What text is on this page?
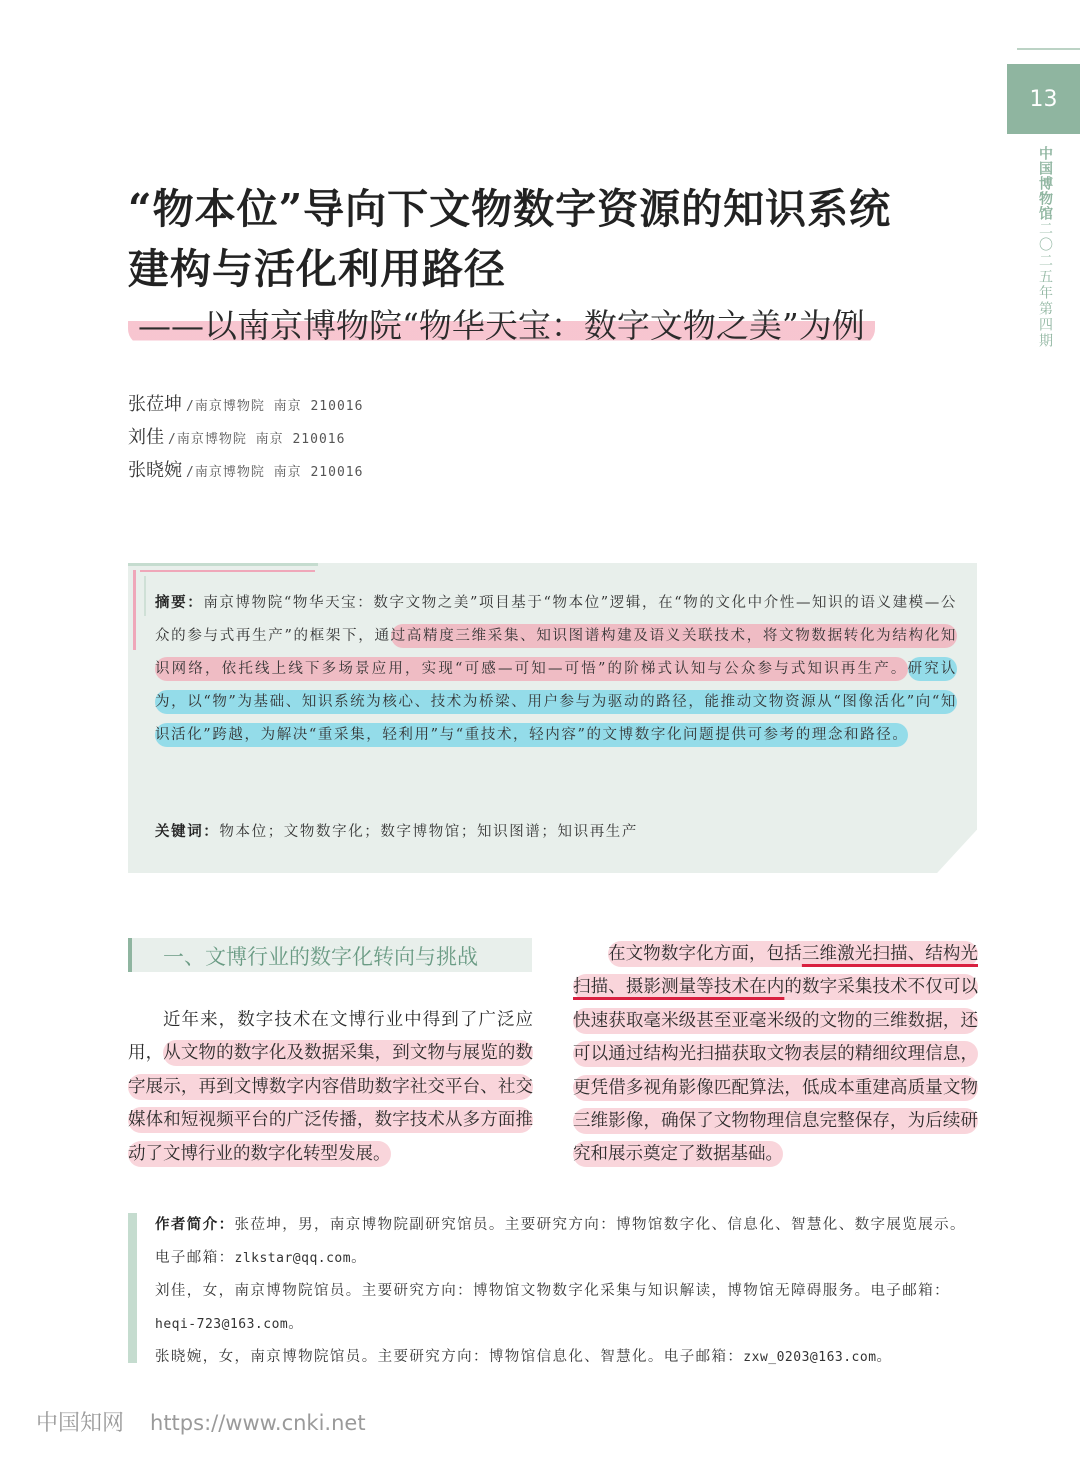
13
中国博物馆二〇二五年第四期
“物本位”导向下文物数字资源的知识系统
建构与活化利用路径
——以南京博物院“物华天宝：数字文物之美”为例
张莅坤 /南京博物院 南京 210016
刘佳 /南京博物院 南京 210016
张晓婉 /南京博物院 南京 210016
摘要：南京博物院“物华天宝：数字文物之美”项目基于“物本位”逻辑，在“物的文化中介性—知识的语义建模—公众的参与式再生产”的框架下，通过高精度三维采集、知识图谱构建及语义关联技术，将文物数据转化为结构化知识网络，依托线上线下多场景应用，实现“可感—可知—可悟”的阶梯式认知与公众参与式知识再生产。研究认为，以“物”为基础、知识系统为核心、技术为桥梁、用户参与为驱动的路径，能推动文物资源从“图像活化”向“知识活化”跨越，为解决“重采集，轻利用”与“重技术，轻内容”的文博数字化问题提供可参考的理念和路径。
关键词：物本位；文物数字化；数字博物馆；知识图谱；知识再生产
一、文博行业的数字化转向与挑战
近年来，数字技术在文博行业中得到了广泛应用，从文物的数字化及数据采集，到文物与展览的数字展示，再到文博数字内容借助数字社交平台、社交媒体和短视频平台的广泛传播，数字技术从多方面推动了文博行业的数字化转型发展。
在文物数字化方面，包括三维激光扫描、结构光扫描、摄影测量等技术在内的数字采集技术不仅可以快速获取毫米级甚至亚毫米级的文物的三维数据，还可以通过结构光扫描获取文物表层的精细纹理信息，更凭借多视角影像匹配算法，低成本重建高质量文物三维影像，确保了文物物理信息完整保存，为后续研究和展示奠定了数据基础。
作者简介：张莅坤，男，南京博物院副研究馆员。主要研究方向：博物馆数字化、信息化、智慧化、数字展览展示。电子邮箱：zlkstar@qq.com。
刘佳，女，南京博物院馆员。主要研究方向：博物馆文物数字化采集与知识解读，博物馆无障碍服务。电子邮箱：heqi-723@163.com。
张晓婉，女，南京博物院馆员。主要研究方向：博物馆信息化、智慧化。电子邮箱：zxw_0203@163.com。
中国知网 https://www.cnki.net
